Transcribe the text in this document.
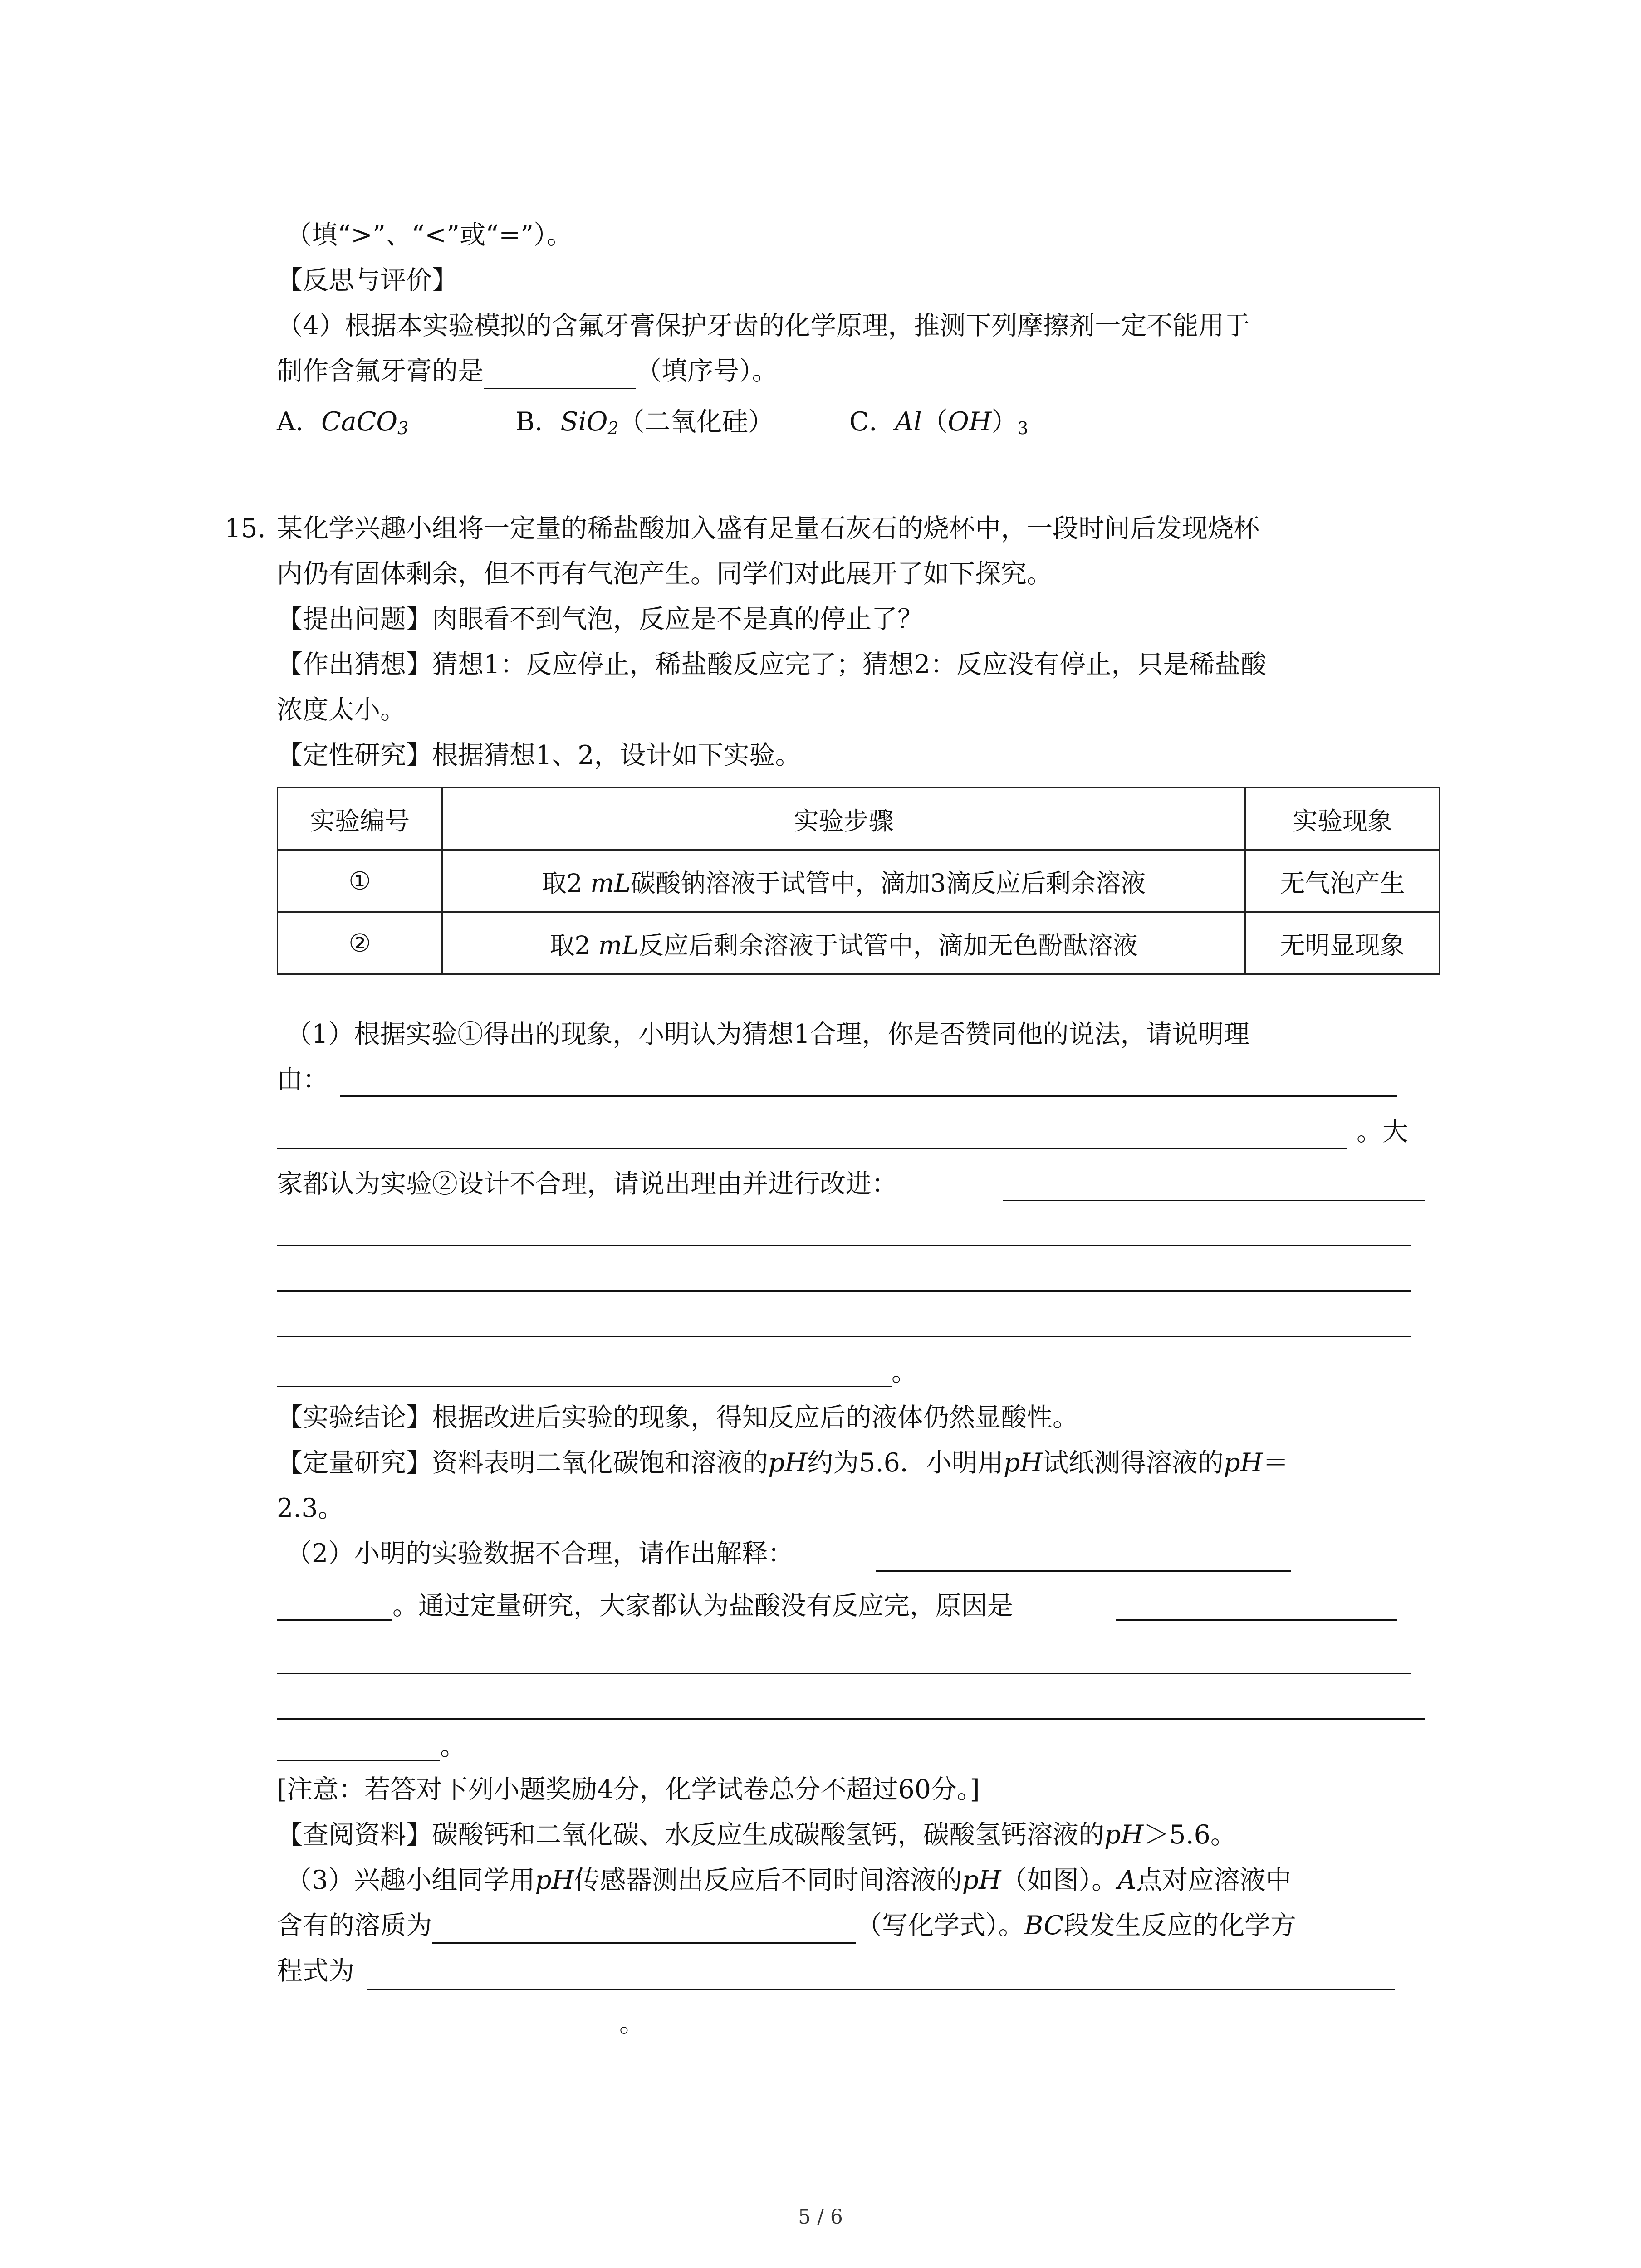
（填“>”、“<”或“=”）。
【反思与评价】
（4）根据本实验模拟的含氟牙膏保护牙齿的化学原理，推测下列摩擦剂一定不能用于
制作含氟牙膏的是	（填序号）。
A．CaCO$_3$	B．SiO$_2$（二氧化硅）	C．$Al(OH)_3$
15. 某化学兴趣小组将一定量的稀盐酸加入盛有足量石灰石的烧杯中，一段时间后发现烧杯
内仍有固体剩余，但不再有气泡产生。同学们对此展开了如下探究。
【提出问题】肉眼看不到气泡，反应是不是真的停止了？
【作出猜想】猜想1：反应停止，稀盐酸反应完了；猜想2：反应没有停止，只是稀盐酸
浓度太小。
【定性研究】根据猜想1、2，设计如下实验。
实验编号	实验步骤	实验现象
①	取2 mL碳酸钠溶液于试管中，滴加3滴反应后剩余溶液	无气泡产生
②	取2 mL反应后剩余溶液于试管中，滴加无色酚酞溶液	无明显现象
（1）根据实验①得出的现象，小明认为猜想1合理，你是否赞同他的说法，请说明理
由：
。大
家都认为实验②设计不合理，请说出理由并进行改进：
。
【实验结论】根据改进后实验的现象，得知反应后的液体仍然显酸性。
【定量研究】资料表明二氧化碳饱和溶液的pH约为5.6．小明用pH试纸测得溶液的pH＝
2.3。
（2）小明的实验数据不合理，请作出解释：
。通过定量研究，大家都认为盐酸没有反应完，原因是
。
[注意：若答对下列小题奖励4分，化学试卷总分不超过60分。]
【查阅资料】碳酸钙和二氧化碳、水反应生成碳酸氢钙，碳酸氢钙溶液的pH＞5.6。
（3）兴趣小组同学用pH传感器测出反应后不同时间溶液的pH（如图）。A点对应溶液中
含有的溶质为	（写化学式）。BC段发生反应的化学方
程式为
。
5 / 6
